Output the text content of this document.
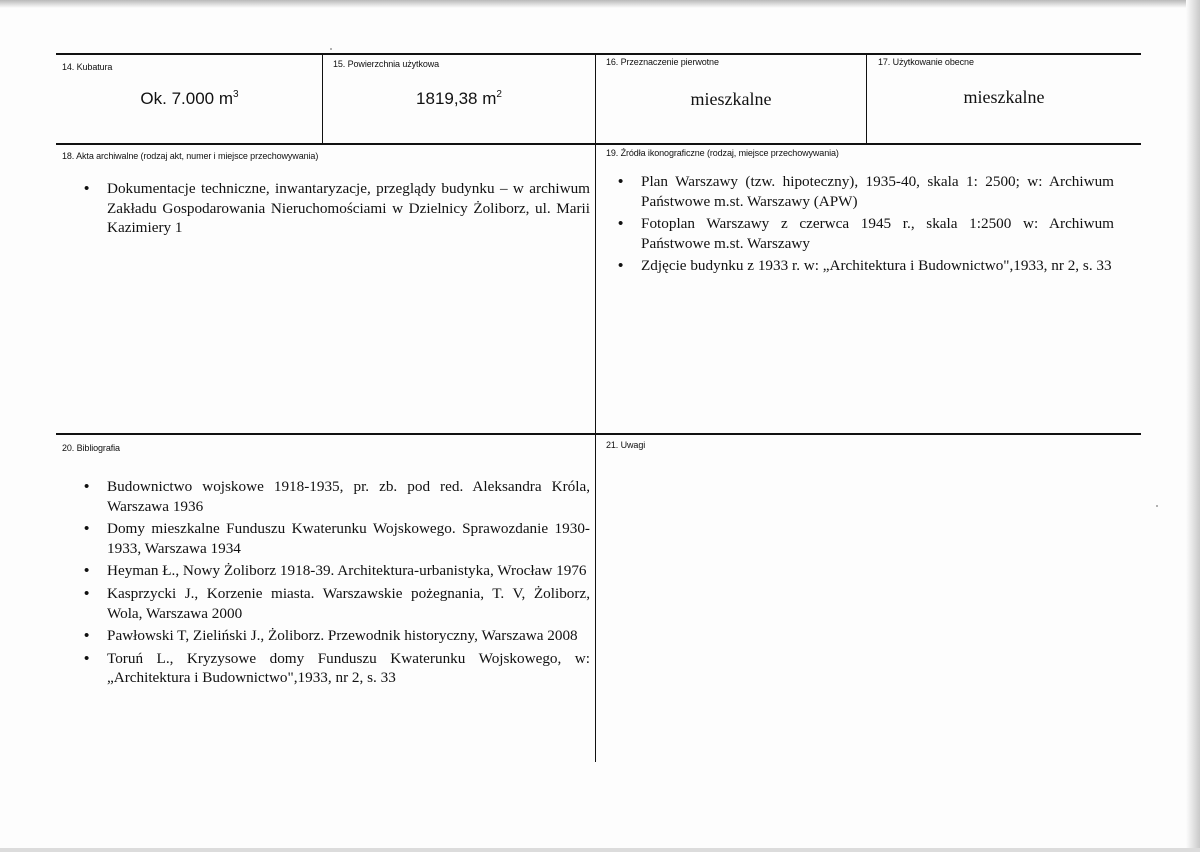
14. Kubatura
Ok. 7.000 $m^3$
15. Powierzchnia użytkowa
1819,38 $m^2$
16. Przeznaczenie pierwotne
mieszkalne
17. Użytkowanie obecne
mieszkalne
18. Akta archiwalne (rodzaj akt, numer i miejsce przechowywania)
• Dokumentacje techniczne, inwantaryzacje, przeglądy budynku – w archiwum Zakładu Gospodarowania Nieruchomościami w Dzielnicy Żoliborz, ul. Marii Kazimiery 1
19. Źródła ikonograficzne (rodzaj, miejsce przechowywania)
• Plan Warszawy (tzw. hipoteczny), 1935-40, skala 1: 2500; w: Archiwum Państwowe m.st. Warszawy (APW)
• Fotoplan Warszawy z czerwca 1945 r., skala 1:2500 w: Archiwum Państwowe m.st. Warszawy
• Zdjęcie budynku z 1933 r. w: „Architektura i Budownictwo",1933, nr 2, s. 33
20. Bibliografia
• Budownictwo wojskowe 1918-1935, pr. zb. pod red. Aleksandra Króla, Warszawa 1936
• Domy mieszkalne Funduszu Kwaterunku Wojskowego. Sprawozdanie 1930-1933, Warszawa 1934
• Heyman Ł., Nowy Żoliborz 1918-39. Architektura-urbanistyka, Wrocław 1976
• Kasprzycki J., Korzenie miasta. Warszawskie pożegnania, T. V, Żoliborz, Wola, Warszawa 2000
• Pawłowski T, Zieliński J., Żoliborz. Przewodnik historyczny, Warszawa 2008
• Toruń L., Kryzysowe domy Funduszu Kwaterunku Wojskowego, w: „Architektura i Budownictwo",1933, nr 2, s. 33
21. Uwagi
